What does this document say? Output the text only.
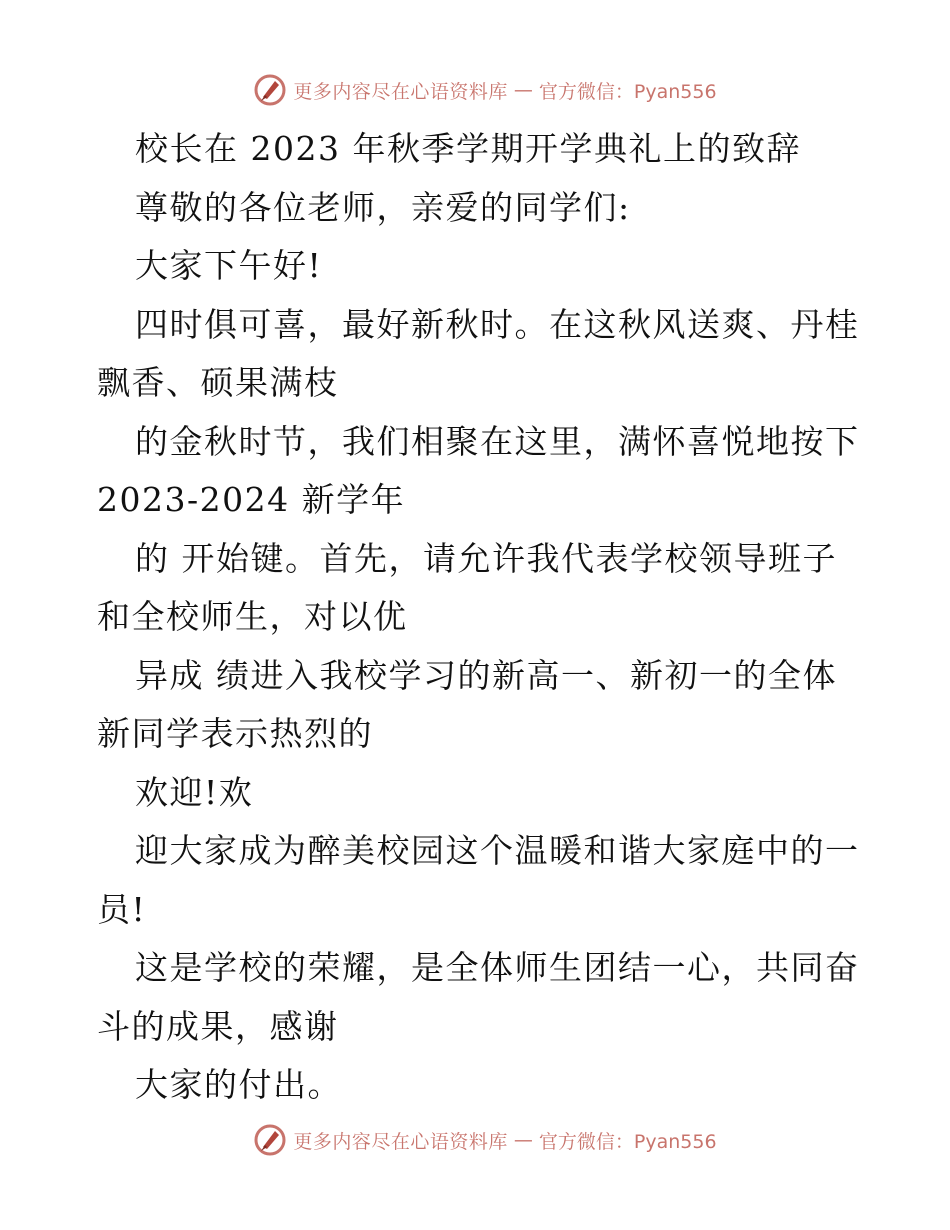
更多内容尽在心语资料库 — 官方微信：Pyan556
校长在 2023 年秋季学期开学典礼上的致辞
尊敬的各位老师，亲爱的同学们:
大家下午好!
四时俱可喜，最好新秋时。在这秋风送爽、丹桂
飘香、硕果满枝
的金秋时节，我们相聚在这里，满怀喜悦地按下
2023-2024 新学年
的 开始键。首先，请允许我代表学校领导班子
和全校师生，对以优
异成 绩进入我校学习的新高一、新初一的全体
新同学表示热烈的
欢迎!欢
迎大家成为醉美校园这个温暖和谐大家庭中的一
员!
这是学校的荣耀，是全体师生团结一心，共同奋
斗的成果，感谢
大家的付出。
更多内容尽在心语资料库 — 官方微信：Pyan556
